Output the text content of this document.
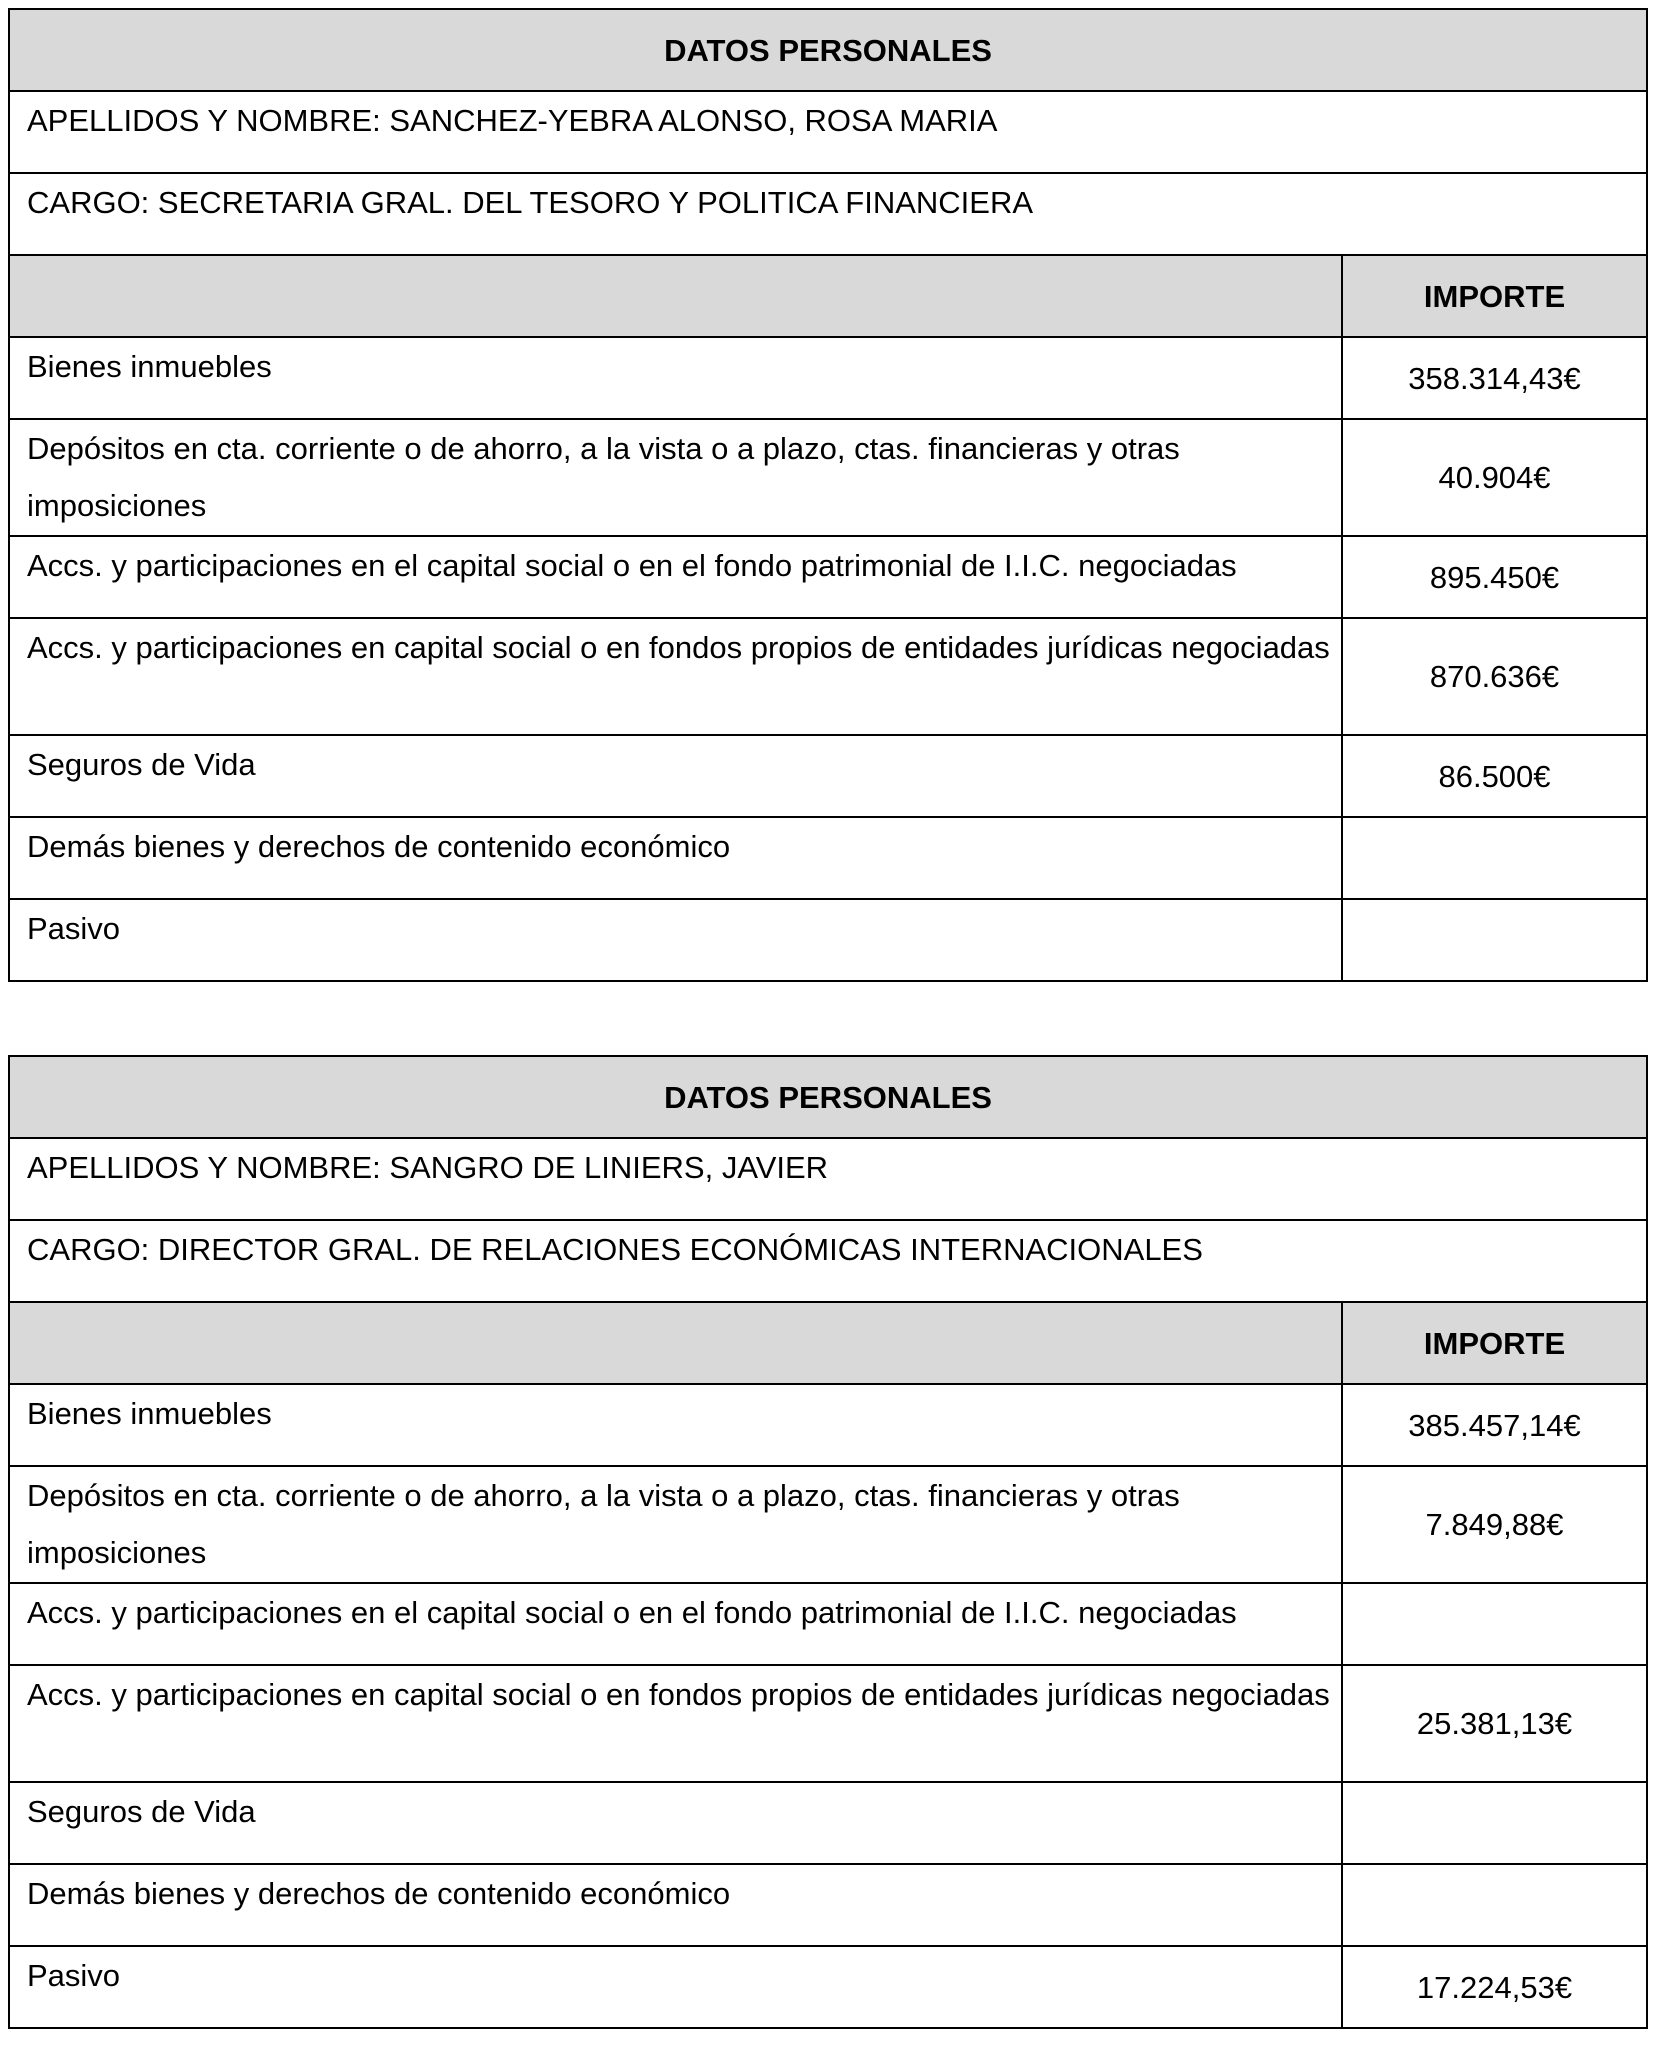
DATOS PERSONALES	
APELLIDOS Y NOMBRE: SANCHEZ-YEBRA ALONSO, ROSA MARIA	
CARGO: SECRETARIA GRAL. DEL TESORO Y POLITICA FINANCIERA	
	IMPORTE
Bienes inmuebles	358.314,43€
Depósitos en cta. corriente o de ahorro, a la vista o a plazo, ctas. financieras y otras imposiciones	40.904€
Accs. y participaciones en el capital social o en el fondo patrimonial de I.I.C. negociadas	895.450€
Accs. y participaciones en capital social o en fondos propios de entidades jurídicas negociadas	870.636€
Seguros de Vida	86.500€
Demás bienes y derechos de contenido económico	
Pasivo	
DATOS PERSONALES	
APELLIDOS Y NOMBRE: SANGRO DE LINIERS, JAVIER	
CARGO: DIRECTOR GRAL. DE RELACIONES ECONÓMICAS INTERNACIONALES	
	IMPORTE
Bienes inmuebles	385.457,14€
Depósitos en cta. corriente o de ahorro, a la vista o a plazo, ctas. financieras y otras imposiciones	7.849,88€
Accs. y participaciones en el capital social o en el fondo patrimonial de I.I.C. negociadas	
Accs. y participaciones en capital social o en fondos propios de entidades jurídicas negociadas	25.381,13€
Seguros de Vida	
Demás bienes y derechos de contenido económico	
Pasivo	17.224,53€
